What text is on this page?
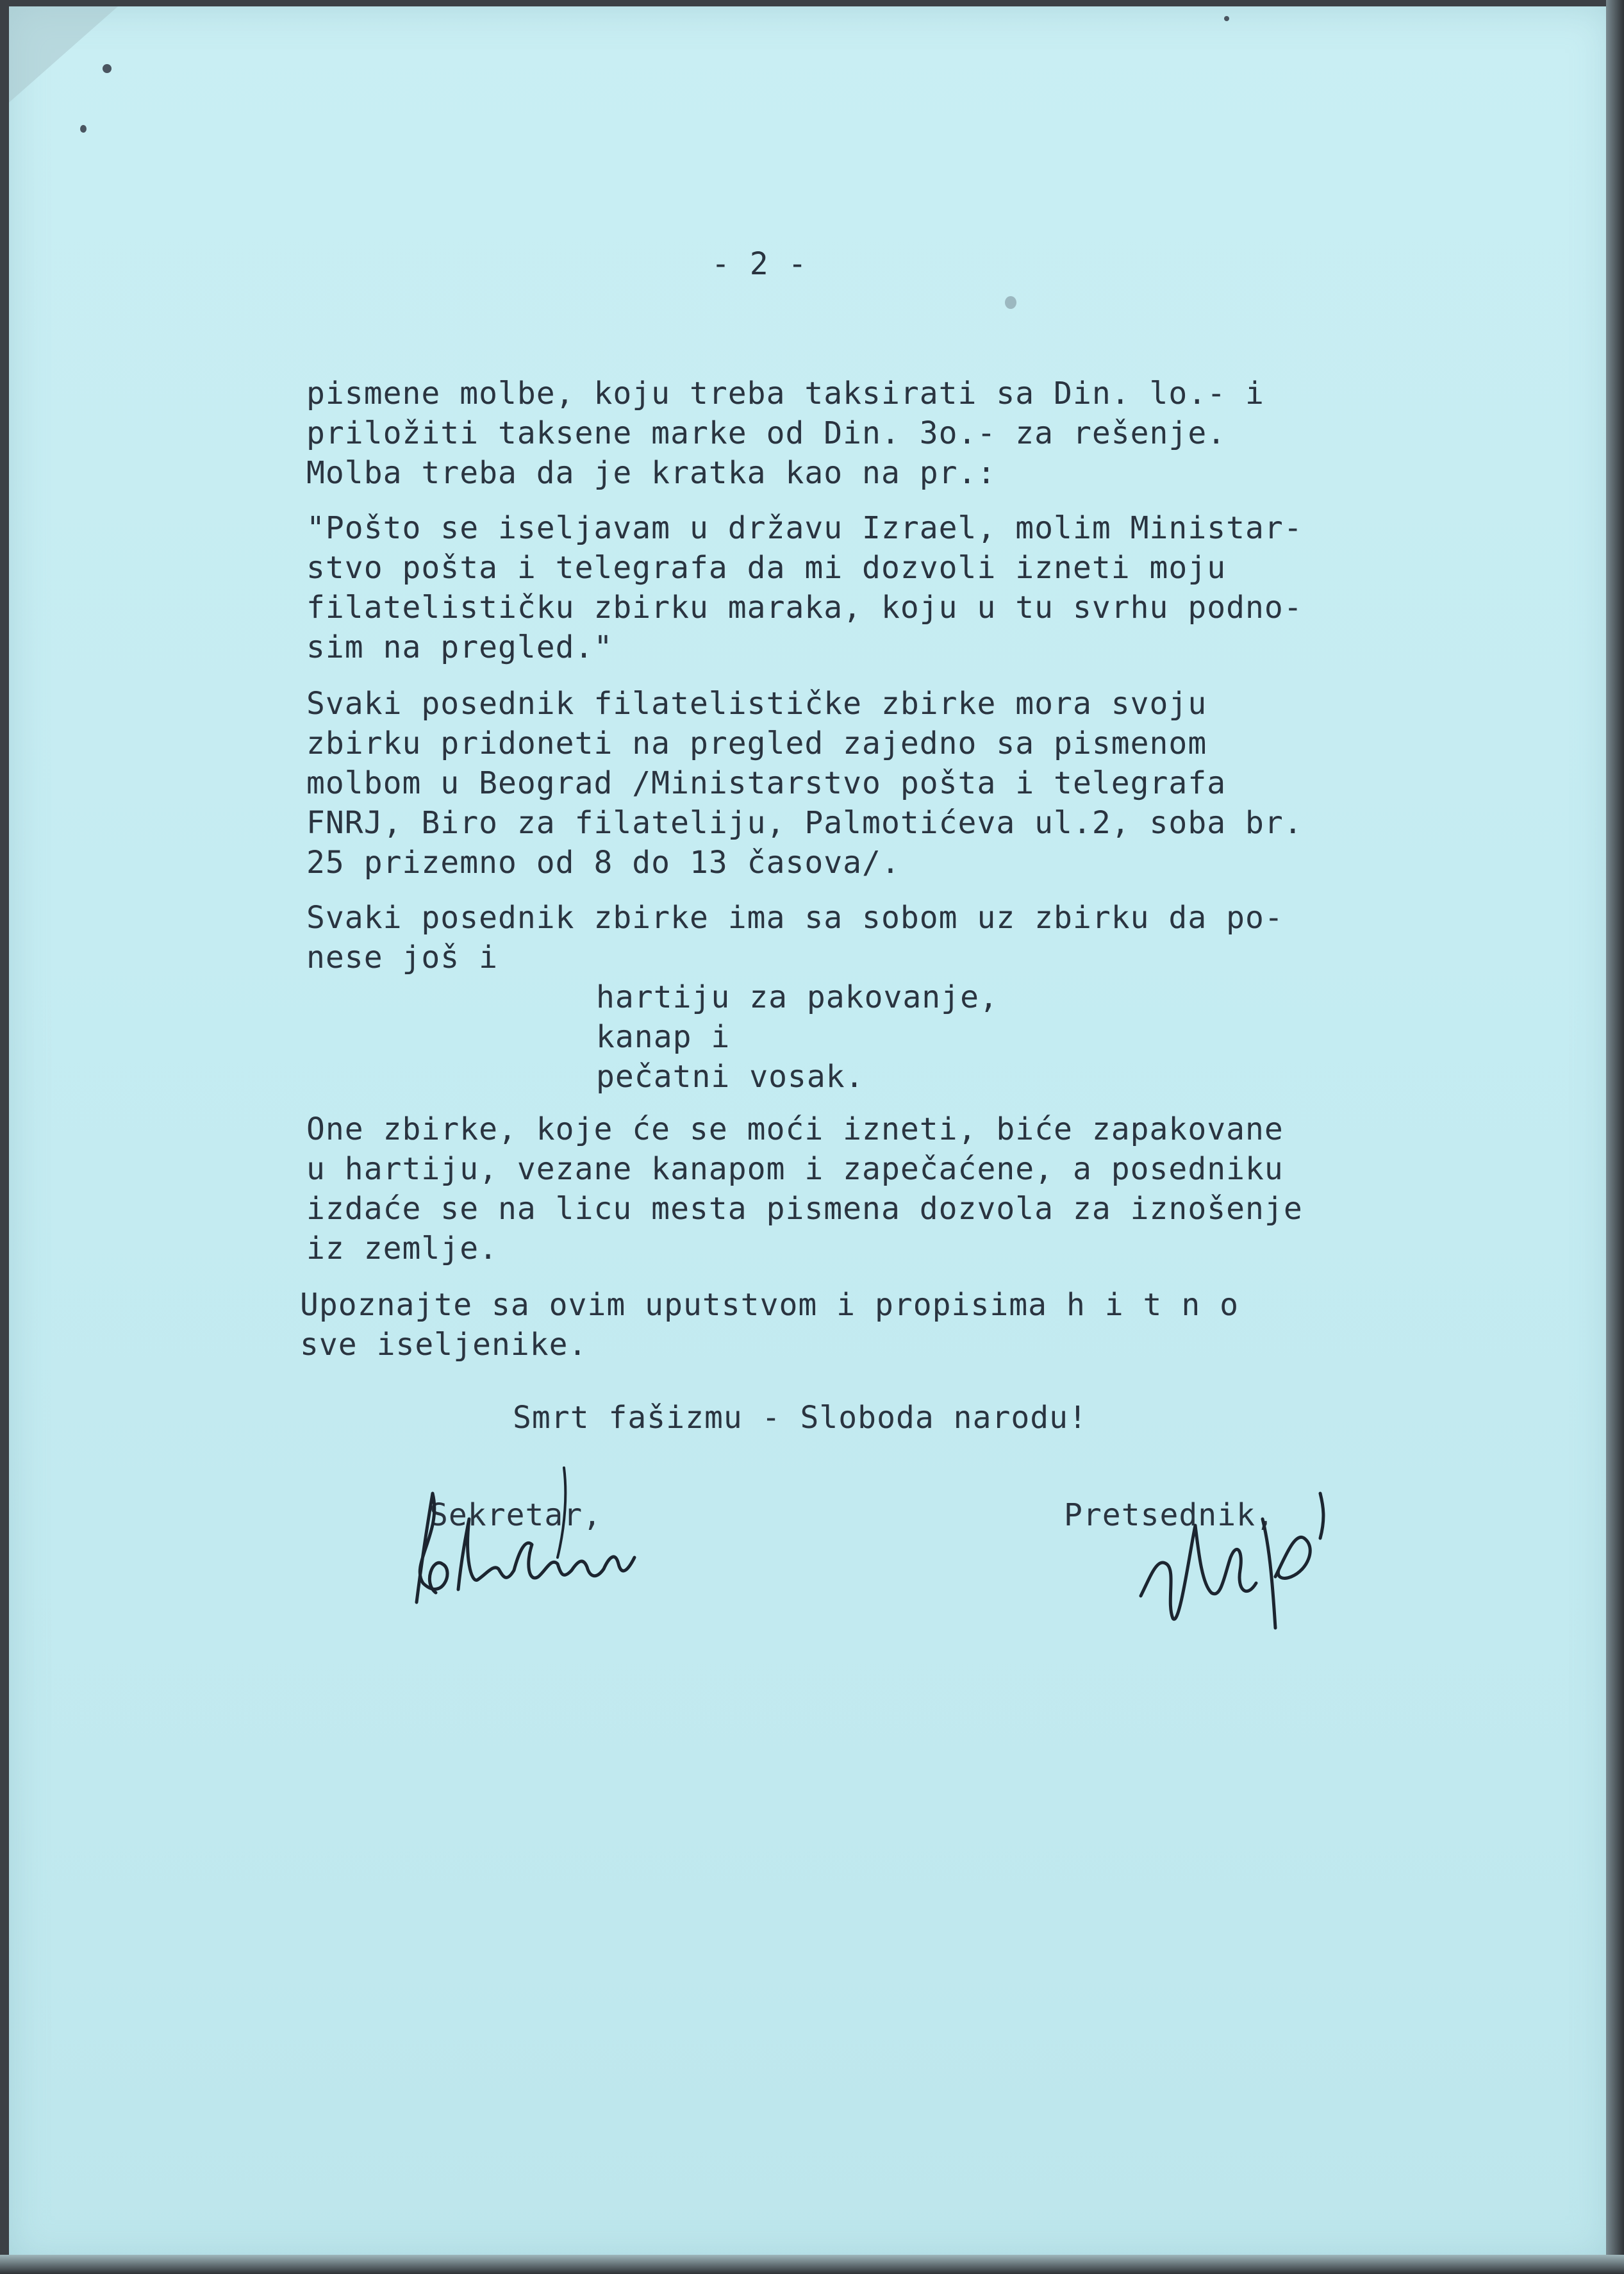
- 2 -

pismene molbe, koju treba taksirati sa Din. lo.- i

priložiti taksene marke od Din. 3o.- za rešenje.

Molba treba da je kratka kao na pr.:

"Pošto se iseljavam u državu Izrael, molim Ministar-

stvo pošta i telegrafa da mi dozvoli izneti moju

filatelističku zbirku maraka, koju u tu svrhu podno-

sim na pregled."

Svaki posednik filatelističke zbirke mora svoju

zbirku pridoneti na pregled zajedno sa pismenom

molbom u Beograd /Ministarstvo pošta i telegrafa

FNRJ, Biro za filateliju, Palmotićeva ul.2, soba br.

25 prizemno od 8 do 13 časova/.

Svaki posednik zbirke ima sa sobom uz zbirku da po-

nese još i

hartiju za pakovanje,

kanap i

pečatni vosak.

One zbirke, koje će se moći izneti, biće zapakovane

u hartiju, vezane kanapom i zapečaćene, a posedniku

izdaće se na licu mesta pismena dozvola za iznošenje

iz zemlje.

Upoznajte sa ovim uputstvom i propisima h i t n o

sve iseljenike.

Smrt fašizmu - Sloboda narodu!

Sekretar,	Pretsednik,
